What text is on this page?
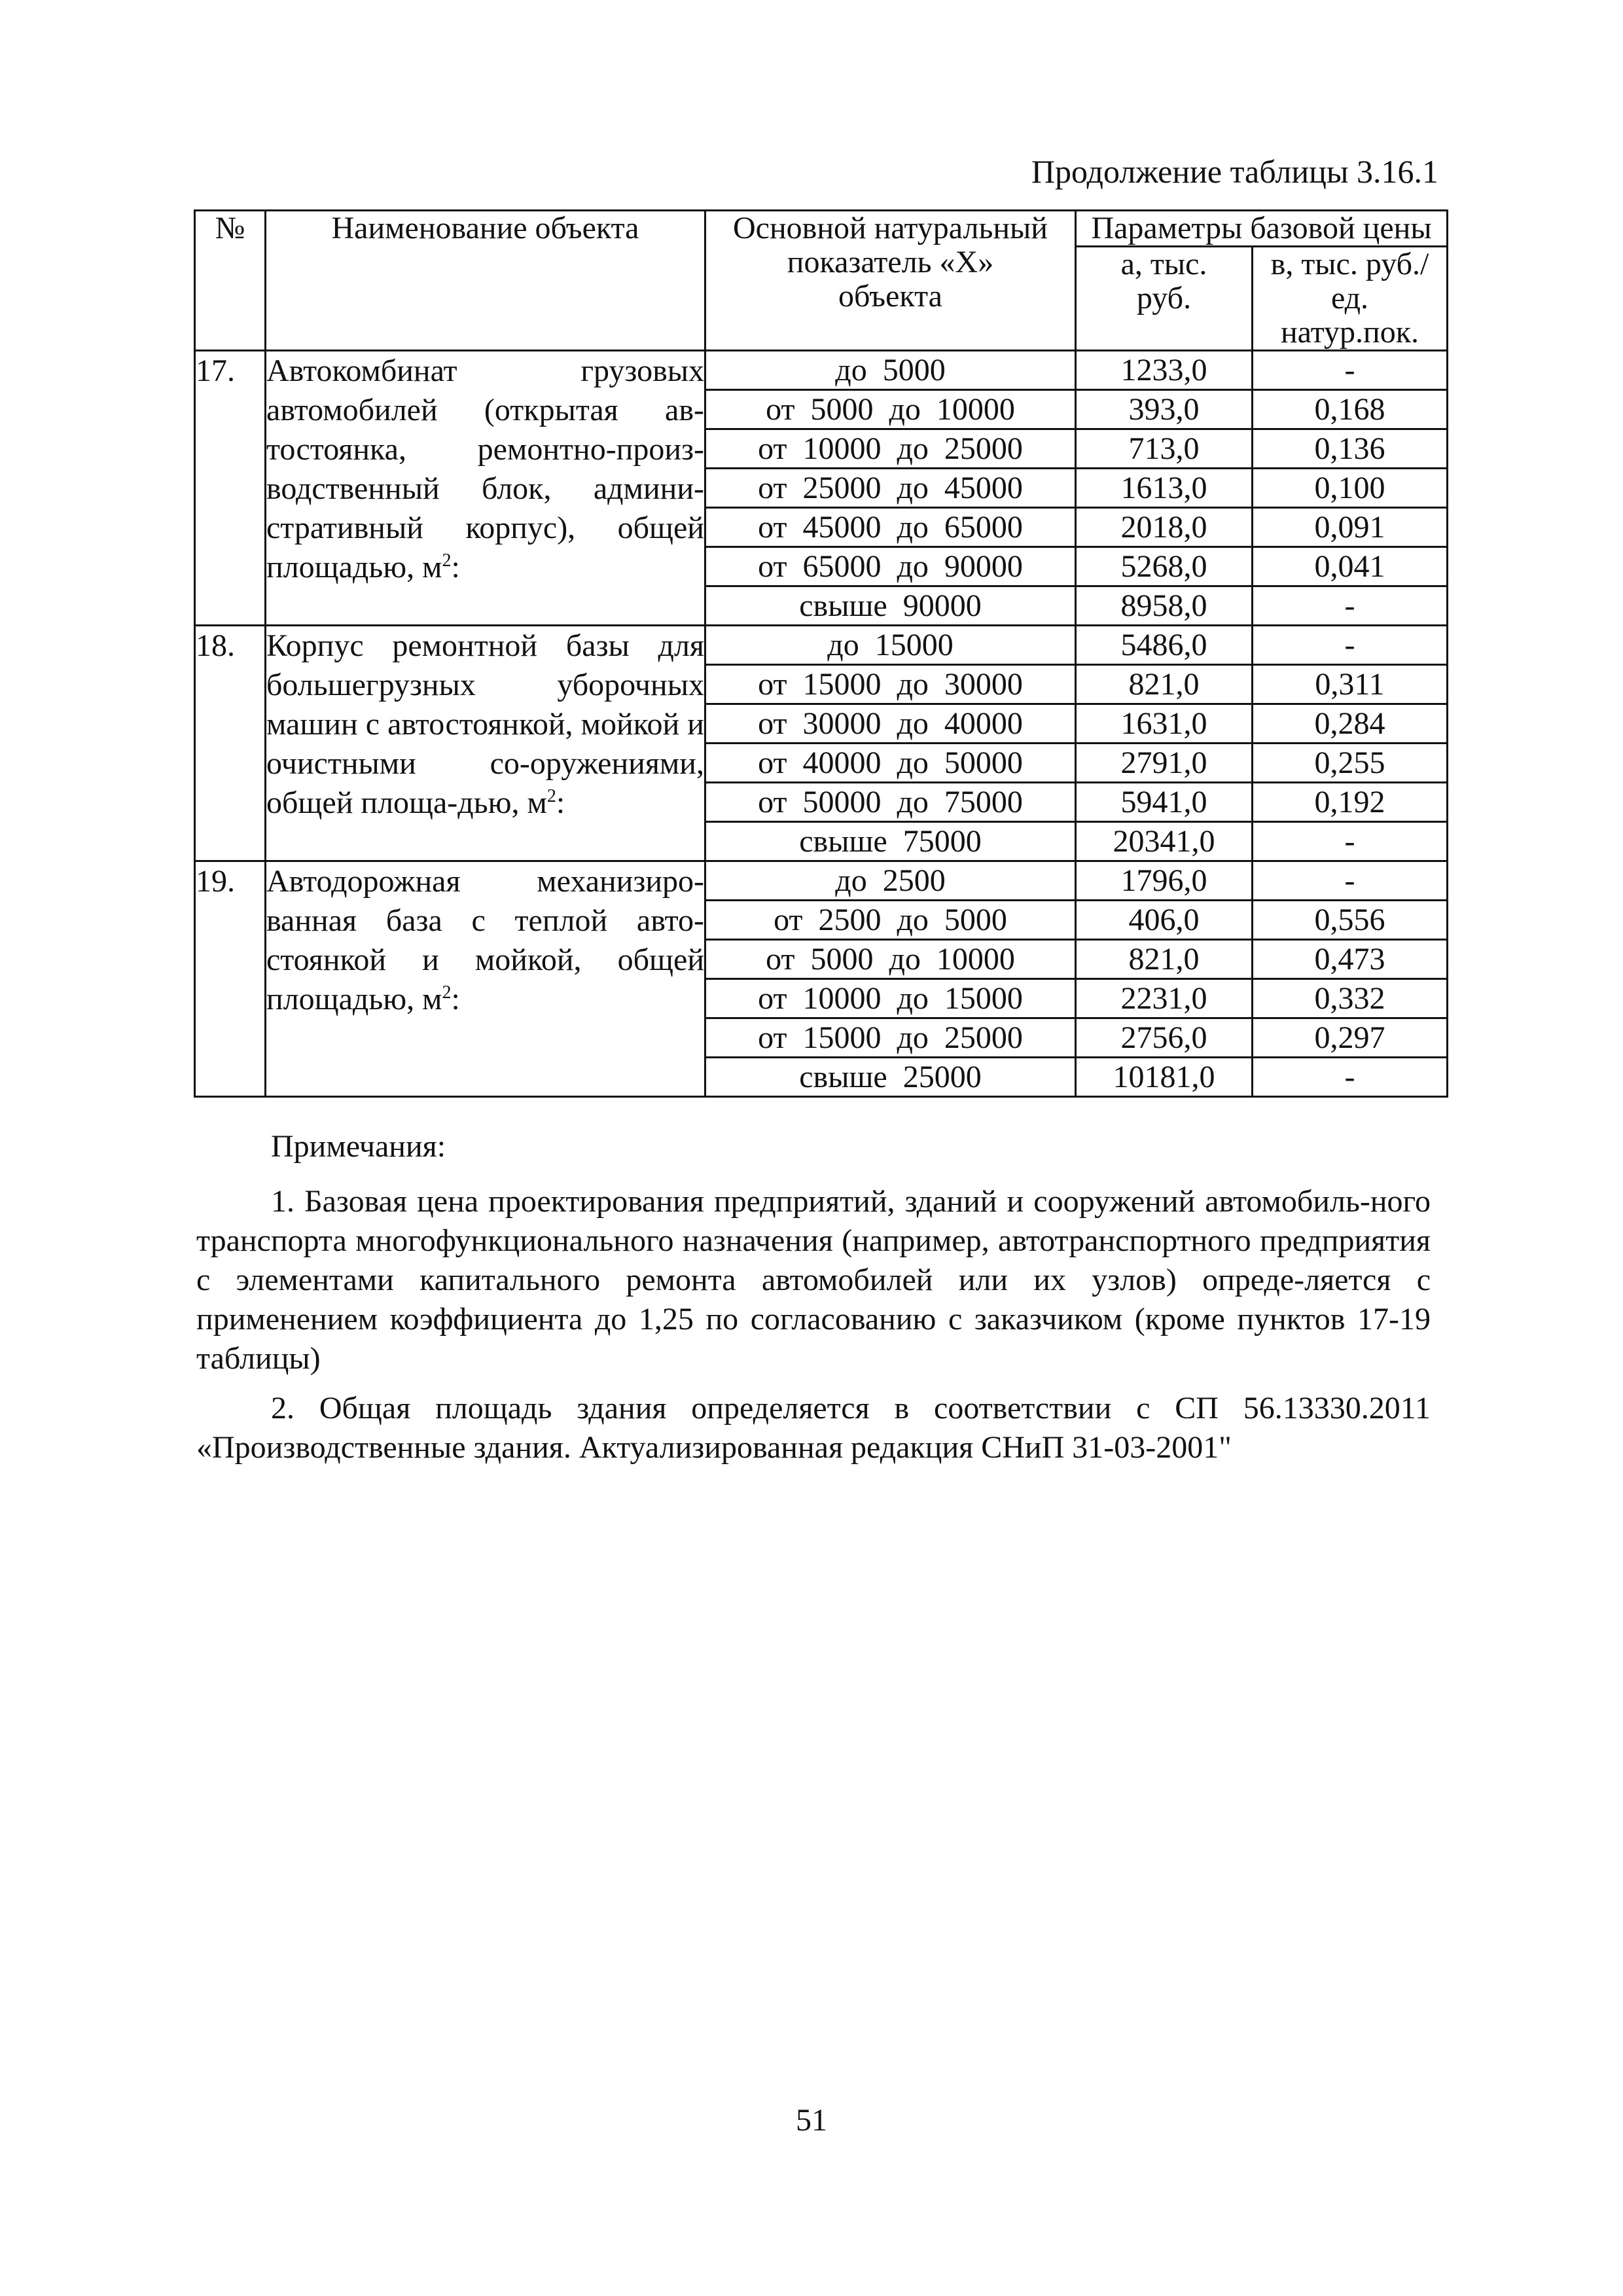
Продолжение таблицы 3.16.1
№	Наименование объекта	Основной натуральный показатель «Х» объекта	Параметры базовой цены	
			а, тыс. руб.	в, тыс. руб./ ед. натур.пок.
17.	Автокомбинат грузовых автомобилей (открытая ав-тостоянка, ремонтно-произ-водственный блок, админи-стративный корпус), общей площадью, $м^2$:	до 5000	1233,0	-
		от 5000 до 10000	393,0	0,168
		от 10000 до 25000	713,0	0,136
		от 25000 до 45000	1613,0	0,100
		от 45000 до 65000	2018,0	0,091
		от 65000 до 90000	5268,0	0,041
		свыше 90000	8958,0	-
18.	Корпус ремонтной базы для большегрузных уборочных машин с автостоянкой, мойкой и очистными со-оружениями, общей площа-дью, $м^2$:	до 15000	5486,0	-
		от 15000 до 30000	821,0	0,311
		от 30000 до 40000	1631,0	0,284
		от 40000 до 50000	2791,0	0,255
		от 50000 до 75000	5941,0	0,192
		свыше 75000	20341,0	-
19.	Автодорожная механизиро-ванная база с теплой авто-стоянкой и мойкой, общей площадью, $м^2$:	до 2500	1796,0	-
		от 2500 до 5000	406,0	0,556
		от 5000 до 10000	821,0	0,473
		от 10000 до 15000	2231,0	0,332
		от 15000 до 25000	2756,0	0,297
		свыше 25000	10181,0	-

Примечания:

1. Базовая цена проектирования предприятий, зданий и сооружений автомобиль-ного транспорта многофункционального назначения (например, автотранспортного предприятия с элементами капитального ремонта автомобилей или их узлов) опреде-ляется с применением коэффициента до 1,25 по согласованию с заказчиком (кроме пунктов 17-19 таблицы)

2. Общая площадь здания определяется в соответствии с СП 56.13330.2011 «Производственные здания. Актуализированная редакция СНиП 31-03-2001"

51
